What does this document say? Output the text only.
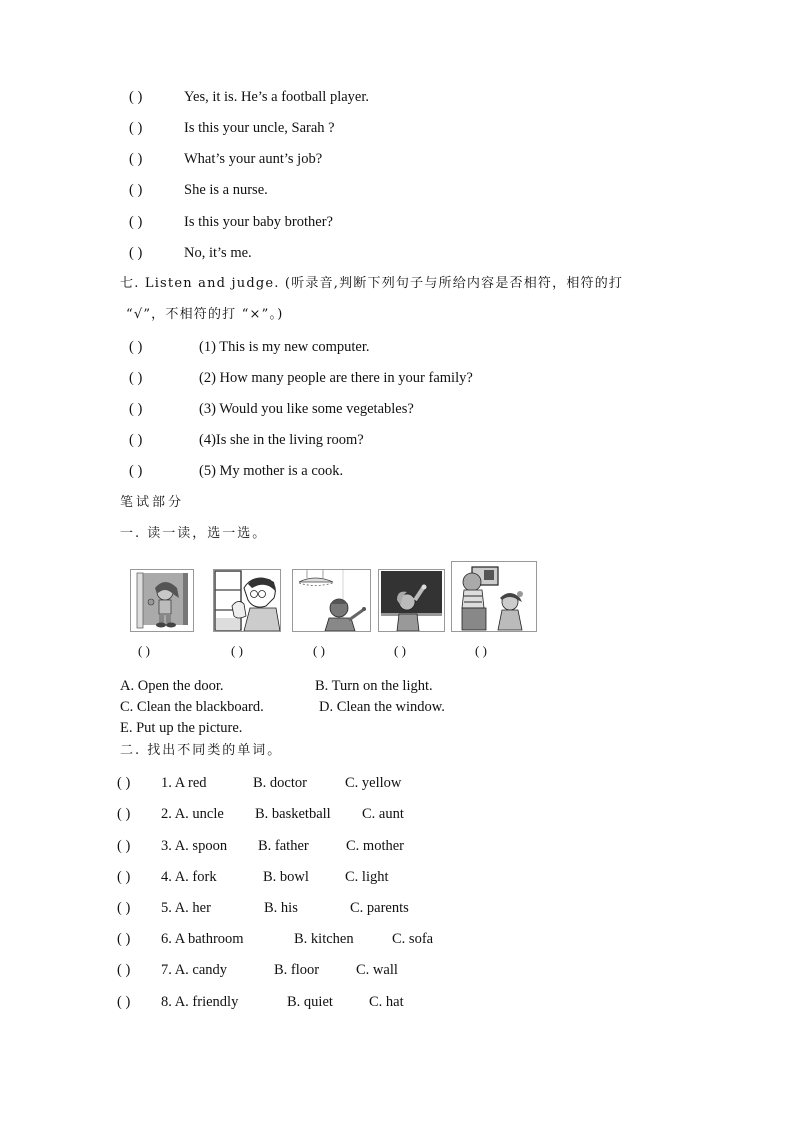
( )	Yes, it is. He’s a football player.
( )	Is this your uncle, Sarah ?
( )	What’s your aunt’s job?
( )	She is a nurse.
( )	Is this your baby brother?
( )	No, it’s me.
七. Listen and judge. (听录音,判断下列句子与所给内容是否相符，相符的打
“√”，不相符的打 “×”。)
( )	(1) This is my new computer.
( )	(2) How many people are there in your family?
( )	(3) Would you like some vegetables?
( )	(4)Is she in the living room?
( )	(5) My mother is a cook.
笔试部分
一. 读一读，选一选。
( )	( )	( )	( )	( )
A. Open the door.	B. Turn on the light.
C. Clean the blackboard.	D. Clean the window.
E. Put up the picture.
二. 找出不同类的单词。
( ) 1. A red	B. doctor	C. yellow
( ) 2. A. uncle B. basketball C. aunt
( ) 3. A. spoon B. father	C. mother
( ) 4. A. fork	B. bowl C. light
( ) 5. A. her	B. his	C. parents
( ) 6. A bathroom	B. kitchen	C. sofa
( ) 7. A. candy	B. floor	C. wall
( ) 8. A. friendly	B. quiet C. hat
